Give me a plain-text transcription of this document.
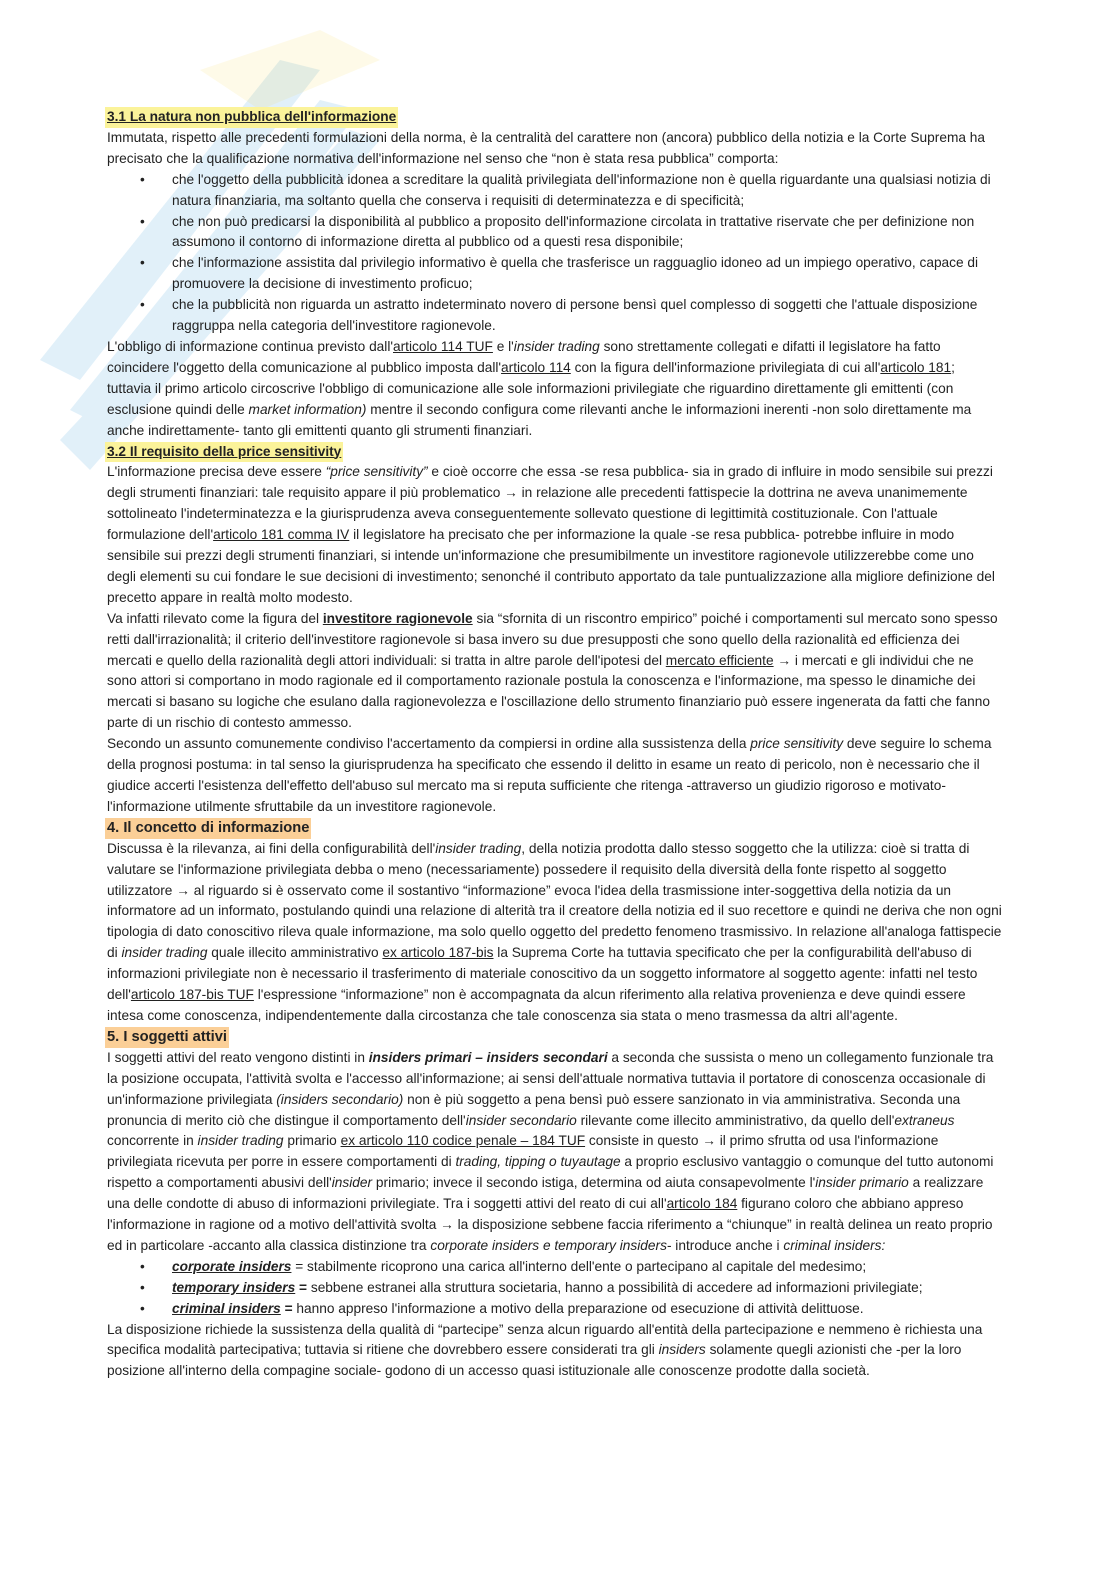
3.1 La natura non pubblica dell'informazione

Immutata, rispetto alle precedenti formulazioni della norma, è la centralità del carattere non (ancora) pubblico della notizia e la Corte Suprema ha precisato che la qualificazione normativa dell'informazione nel senso che “non è stata resa pubblica” comporta:

• che l'oggetto della pubblicità idonea a screditare la qualità privilegiata dell'informazione non è quella riguardante una qualsiasi notizia di natura finanziaria, ma soltanto quella che conserva i requisiti di determinatezza e di specificità;
• che non può predicarsi la disponibilità al pubblico a proposito dell'informazione circolata in trattative riservate che per definizione non assumono il contorno di informazione diretta al pubblico od a questi resa disponibile;
• che l'informazione assistita dal privilegio informativo è quella che trasferisce un ragguaglio idoneo ad un impiego operativo, capace di promuovere la decisione di investimento proficuo;
• che la pubblicità non riguarda un astratto indeterminato novero di persone bensì quel complesso di soggetti che l'attuale disposizione raggruppa nella categoria dell'investitore ragionevole.

L'obbligo di informazione continua previsto dall'articolo 114 TUF e l'insider trading sono strettamente collegati e difatti il legislatore ha fatto coincidere l'oggetto della comunicazione al pubblico imposta dall'articolo 114 con la figura dell'informazione privilegiata di cui all'articolo 181; tuttavia il primo articolo circoscrive l'obbligo di comunicazione alle sole informazioni privilegiate che riguardino direttamente gli emittenti (con esclusione quindi delle market information) mentre il secondo configura come rilevanti anche le informazioni inerenti -non solo direttamente ma anche indirettamente- tanto gli emittenti quanto gli strumenti finanziari.

3.2 Il requisito della price sensitivity

L'informazione precisa deve essere “price sensitivity” e cioè occorre che essa -se resa pubblica- sia in grado di influire in modo sensibile sui prezzi degli strumenti finanziari: tale requisito appare il più problematico → in relazione alle precedenti fattispecie la dottrina ne aveva unanimemente sottolineato l'indeterminatezza e la giurisprudenza aveva conseguentemente sollevato questione di legittimità costituzionale. Con l'attuale formulazione dell'articolo 181 comma IV il legislatore ha precisato che per informazione la quale -se resa pubblica- potrebbe influire in modo sensibile sui prezzi degli strumenti finanziari, si intende un'informazione che presumibilmente un investitore ragionevole utilizzerebbe come uno degli elementi su cui fondare le sue decisioni di investimento; senonché il contributo apportato da tale puntualizzazione alla migliore definizione del precetto appare in realtà molto modesto.

Va infatti rilevato come la figura del investitore ragionevole sia “sfornita di un riscontro empirico” poiché i comportamenti sul mercato sono spesso retti dall'irrazionalità; il criterio dell'investitore ragionevole si basa invero su due presupposti che sono quello della razionalità ed efficienza dei mercati e quello della razionalità degli attori individuali: si tratta in altre parole dell'ipotesi del mercato efficiente → i mercati e gli individui che ne sono attori si comportano in modo ragionale ed il comportamento razionale postula la conoscenza e l'informazione, ma spesso le dinamiche dei mercati si basano su logiche che esulano dalla ragionevolezza e l'oscillazione dello strumento finanziario può essere ingenerata da fatti che fanno parte di un rischio di contesto ammesso.

Secondo un assunto comunemente condiviso l'accertamento da compiersi in ordine alla sussistenza della price sensitivity deve seguire lo schema della prognosi postuma: in tal senso la giurisprudenza ha specificato che essendo il delitto in esame un reato di pericolo, non è necessario che il giudice accerti l'esistenza dell'effetto dell'abuso sul mercato ma si reputa sufficiente che ritenga -attraverso un giudizio rigoroso e motivato- l'informazione utilmente sfruttabile da un investitore ragionevole.

4. Il concetto di informazione

Discussa è la rilevanza, ai fini della configurabilità dell'insider trading, della notizia prodotta dallo stesso soggetto che la utilizza: cioè si tratta di valutare se l'informazione privilegiata debba o meno (necessariamente) possedere il requisito della diversità della fonte rispetto al soggetto utilizzatore → al riguardo si è osservato come il sostantivo “informazione” evoca l'idea della trasmissione inter-soggettiva della notizia da un informatore ad un informato, postulando quindi una relazione di alterità tra il creatore della notizia ed il suo recettore e quindi ne deriva che non ogni tipologia di dato conoscitivo rileva quale informazione, ma solo quello oggetto del predetto fenomeno trasmissivo. In relazione all'analoga fattispecie di insider trading quale illecito amministrativo ex articolo 187-bis la Suprema Corte ha tuttavia specificato che per la configurabilità dell'abuso di informazioni privilegiate non è necessario il trasferimento di materiale conoscitivo da un soggetto informatore al soggetto agente: infatti nel testo dell'articolo 187-bis TUF l'espressione “informazione” non è accompagnata da alcun riferimento alla relativa provenienza e deve quindi essere intesa come conoscenza, indipendentemente dalla circostanza che tale conoscenza sia stata o meno trasmessa da altri all'agente.

5. I soggetti attivi

I soggetti attivi del reato vengono distinti in insiders primari – insiders secondari a seconda che sussista o meno un collegamento funzionale tra la posizione occupata, l'attività svolta e l'accesso all'informazione; ai sensi dell'attuale normativa tuttavia il portatore di conoscenza occasionale di un'informazione privilegiata (insiders secondario) non è più soggetto a pena bensì può essere sanzionato in via amministrativa. Seconda una pronuncia di merito ciò che distingue il comportamento dell'insider secondario rilevante come illecito amministrativo, da quello dell'extraneus concorrente in insider trading primario ex articolo 110 codice penale – 184 TUF consiste in questo → il primo sfrutta od usa l'informazione privilegiata ricevuta per porre in essere comportamenti di trading, tipping o tuyautage a proprio esclusivo vantaggio o comunque del tutto autonomi rispetto a comportamenti abusivi dell'insider primario; invece il secondo istiga, determina od aiuta consapevolmente l'insider primario a realizzare una delle condotte di abuso di informazioni privilegiate. Tra i soggetti attivi del reato di cui all'articolo 184 figurano coloro che abbiano appreso l'informazione in ragione od a motivo dell'attività svolta → la disposizione sebbene faccia riferimento a “chiunque” in realtà delinea un reato proprio ed in particolare -accanto alla classica distinzione tra corporate insiders e temporary insiders- introduce anche i criminal insiders:

• corporate insiders = stabilmente ricoprono una carica all'interno dell'ente o partecipano al capitale del medesimo;
• temporary insiders = sebbene estranei alla struttura societaria, hanno a possibilità di accedere ad informazioni privilegiate;
• criminal insiders = hanno appreso l'informazione a motivo della preparazione od esecuzione di attività delittuose.

La disposizione richiede la sussistenza della qualità di “partecipe” senza alcun riguardo all'entità della partecipazione e nemmeno è richiesta una specifica modalità partecipativa; tuttavia si ritiene che dovrebbero essere considerati tra gli insiders solamente quegli azionisti che -per la loro posizione all'interno della compagine sociale- godono di un accesso quasi istituzionale alle conoscenze prodotte dalla società.
